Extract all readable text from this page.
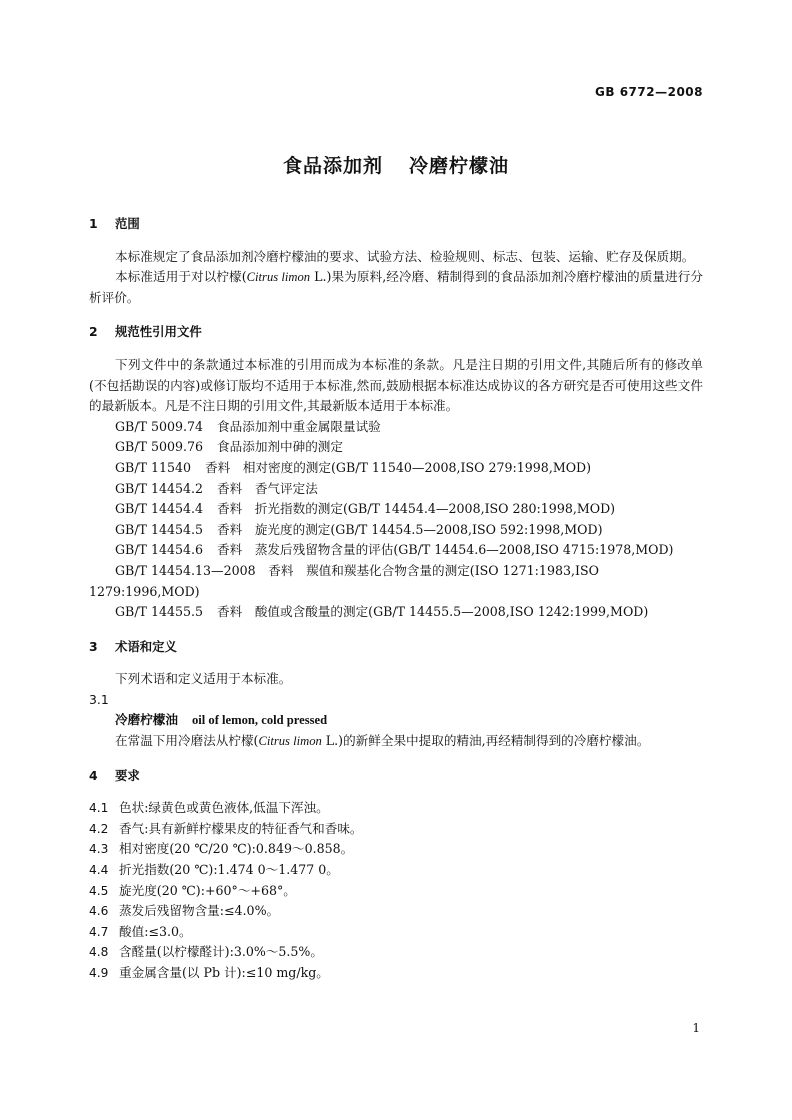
GB 6772—2008
食品添加剂 冷磨柠檬油

1 范围

本标准规定了食品添加剂冷磨柠檬油的要求、试验方法、检验规则、标志、包装、运输、贮存及保质期。

本标准适用于对以柠檬(Citrus limon L.)果为原料,经冷磨、精制得到的食品添加剂冷磨柠檬油的质量进行分析评价。

2 规范性引用文件

下列文件中的条款通过本标准的引用而成为本标准的条款。凡是注日期的引用文件,其随后所有的修改单(不包括勘误的内容)或修订版均不适用于本标准,然而,鼓励根据本标准达成协议的各方研究是否可使用这些文件的最新版本。凡是不注日期的引用文件,其最新版本适用于本标准。

GB/T 5009.74 食品添加剂中重金属限量试验

GB/T 5009.76 食品添加剂中砷的测定

GB/T 11540 香料　相对密度的测定(GB/T 11540—2008,ISO 279:1998,MOD)

GB/T 14454.2 香料　香气评定法

GB/T 14454.4 香料　折光指数的测定(GB/T 14454.4—2008,ISO 280:1998,MOD)

GB/T 14454.5 香料　旋光度的测定(GB/T 14454.5—2008,ISO 592:1998,MOD)

GB/T 14454.6 香料　蒸发后残留物含量的评估(GB/T 14454.6—2008,ISO 4715:1978,MOD)

GB/T 14454.13—2008　香料　羰值和羰基化合物含量的测定(ISO 1271:1983,ISO 1279:1996,MOD)

GB/T 14455.5 香料　酸值或含酸量的测定(GB/T 14455.5—2008,ISO 1242:1999,MOD)

3 术语和定义

下列术语和定义适用于本标准。

3.1

冷磨柠檬油 oil of lemon, cold pressed

在常温下用冷磨法从柠檬(Citrus limon L.)的新鲜全果中提取的精油,再经精制得到的冷磨柠檬油。

4 要求

4.1 色状:绿黄色或黄色液体,低温下浑浊。

4.2 香气:具有新鲜柠檬果皮的特征香气和香味。

4.3 相对密度(20 ℃/20 ℃):0.849～0.858。

4.4 折光指数(20 ℃):1.474 0～1.477 0。

4.5 旋光度(20 ℃):+60°～+68°。

4.6 蒸发后残留物含量:≤4.0%。

4.7 酸值:≤3.0。

4.8 含醛量(以柠檬醛计):3.0%～5.5%。

4.9 重金属含量(以 Pb 计):≤10 mg/kg。

1
